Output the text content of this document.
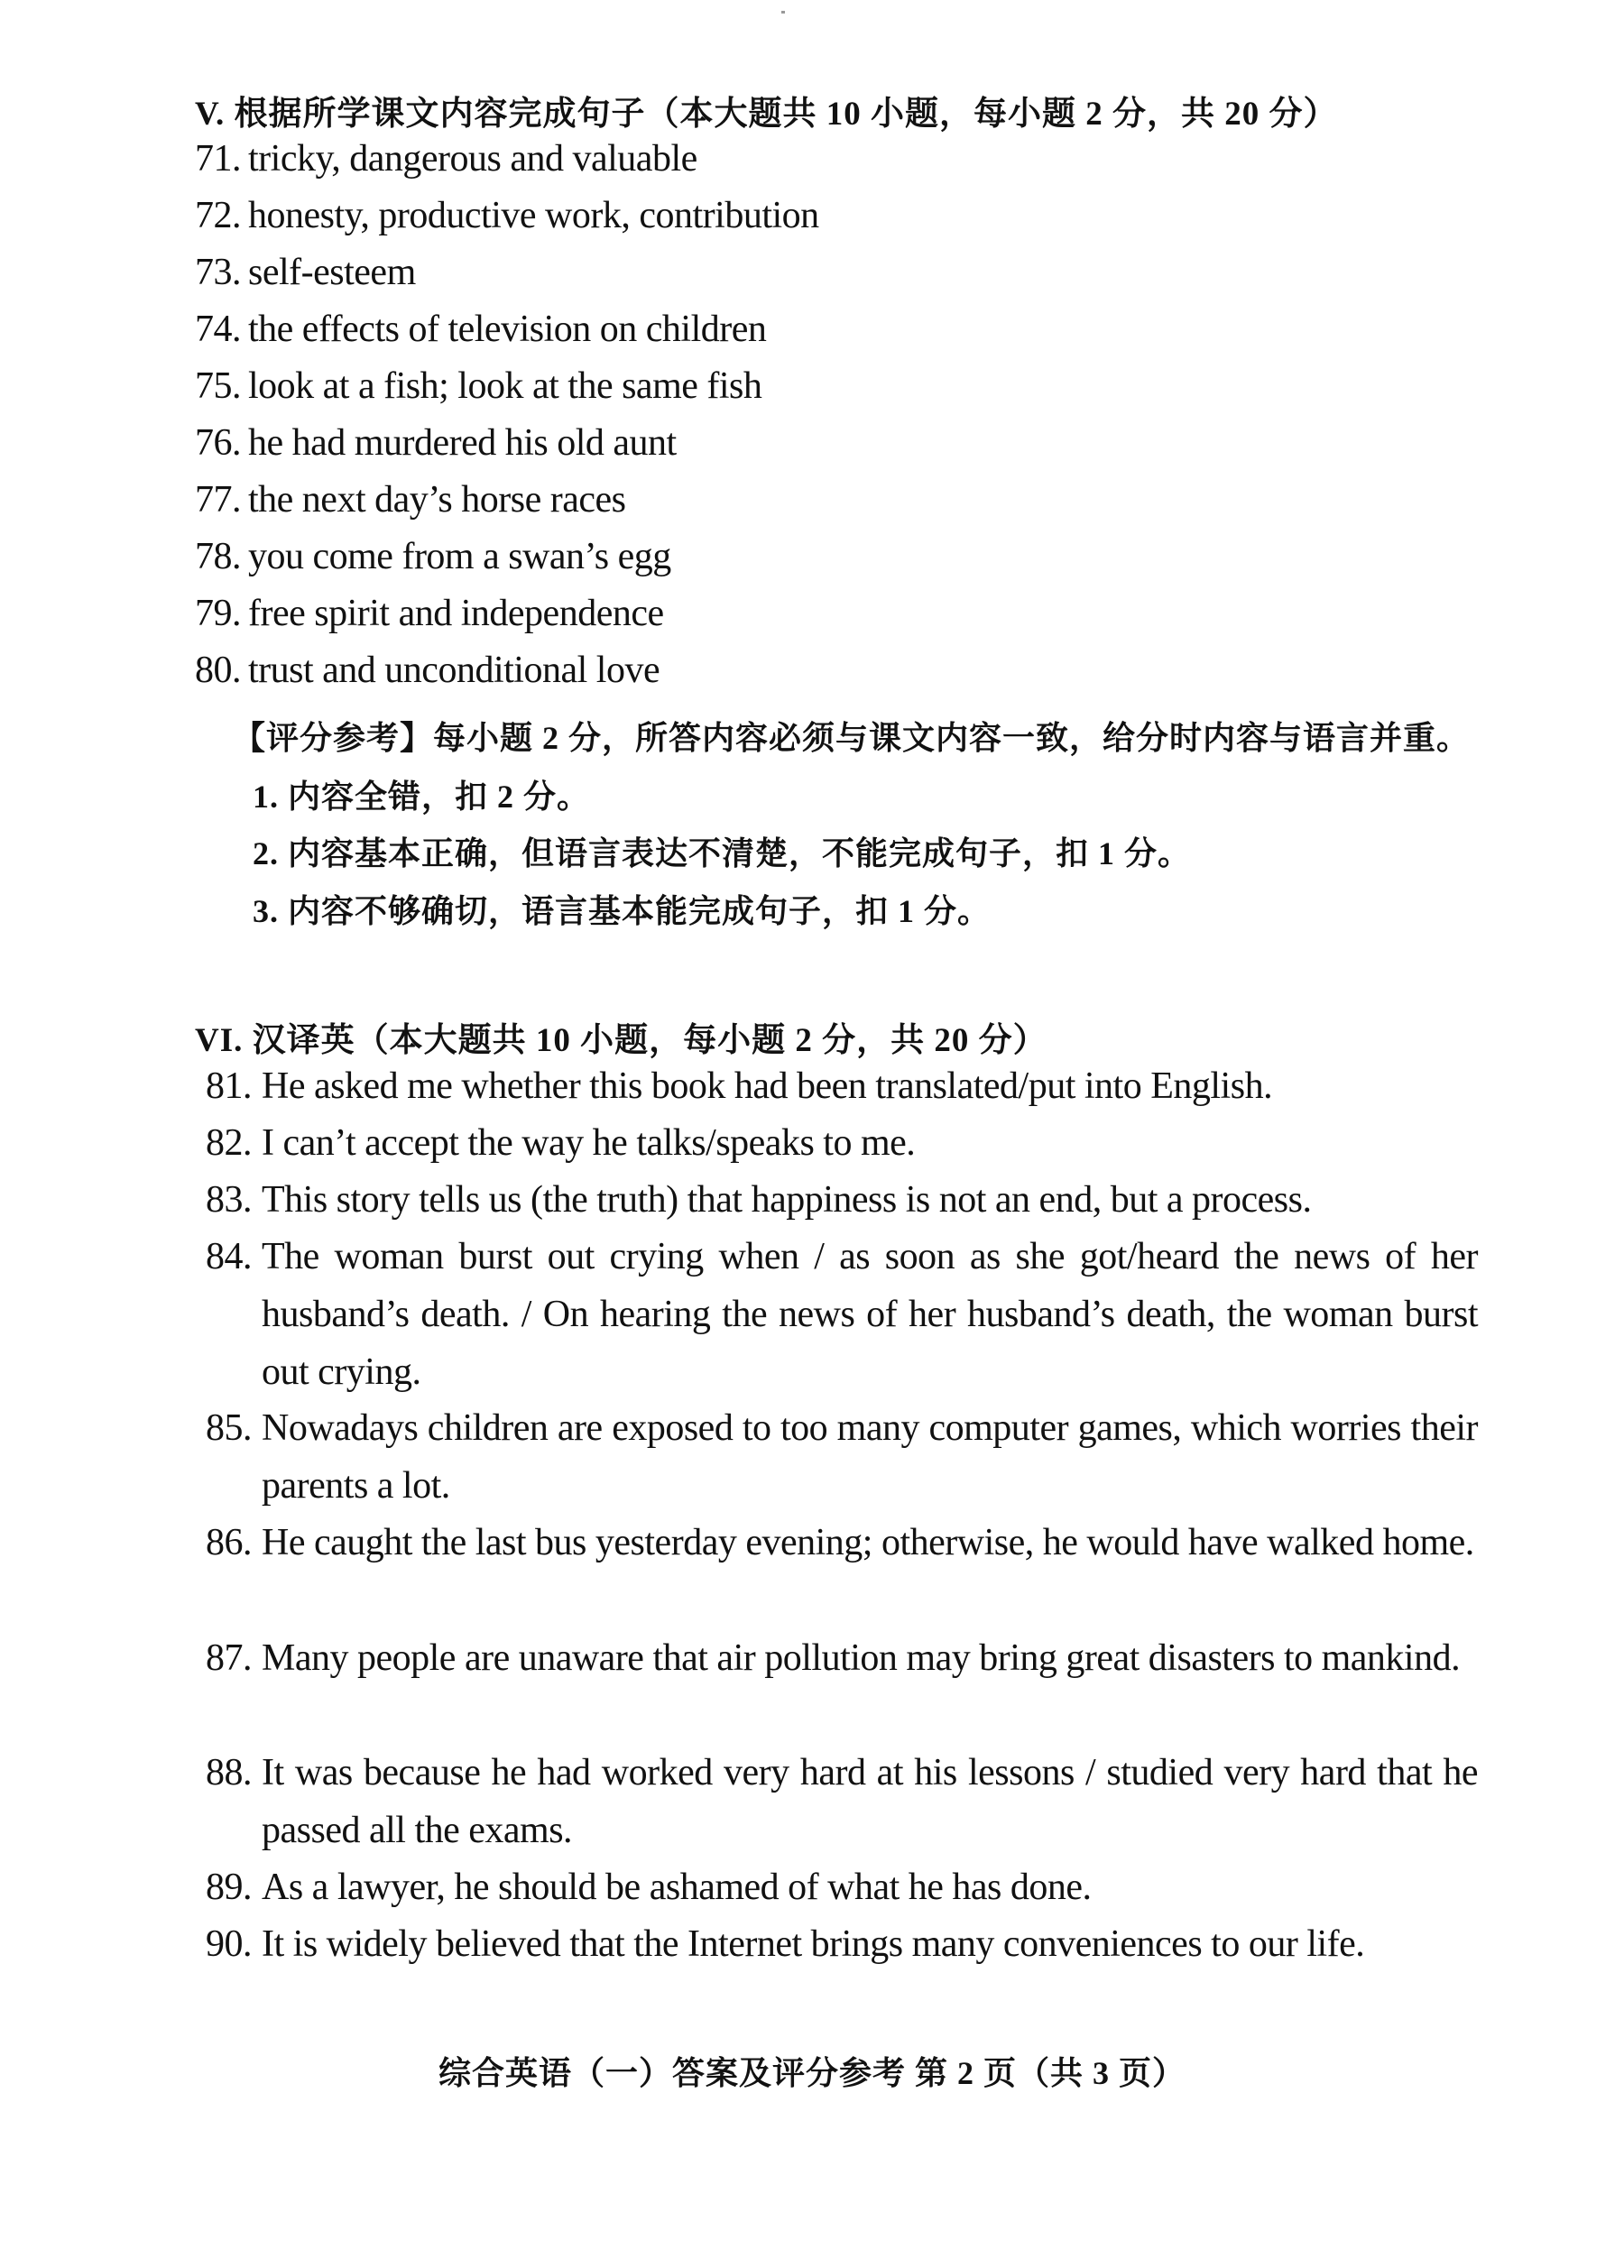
V. 根据所学课文内容完成句子（本大题共 10 小题，每小题 2 分，共 20 分）
71. tricky, dangerous and valuable
72. honesty, productive work, contribution
73. self-esteem
74. the effects of television on children
75. look at a fish; look at the same fish
76. he had murdered his old aunt
77. the next day’s horse races
78. you come from a swan’s egg
79. free spirit and independence
80. trust and unconditional love
【评分参考】每小题 2 分，所答内容必须与课文内容一致，给分时内容与语言并重。
1. 内容全错，扣 2 分。
2. 内容基本正确，但语言表达不清楚，不能完成句子，扣 1 分。
3. 内容不够确切，语言基本能完成句子，扣 1 分。
VI. 汉译英（本大题共 10 小题，每小题 2 分，共 20 分）
81. He asked me whether this book had been translated/put into English.
82. I can’t accept the way he talks/speaks to me.
83. This story tells us (the truth) that happiness is not an end, but a process.
84. The woman burst out crying when / as soon as she got/heard the news of her husband’s death. / On hearing the news of her husband’s death, the woman burst out crying.
85. Nowadays children are exposed to too many computer games, which worries their parents a lot.
86. He caught the last bus yesterday evening; otherwise, he would have walked home.
87. Many people are unaware that air pollution may bring great disasters to mankind.
88. It was because he had worked very hard at his lessons / studied very hard that he passed all the exams.
89. As a lawyer, he should be ashamed of what he has done.
90. It is widely believed that the Internet brings many conveniences to our life.
综合英语（一）答案及评分参考 第 2 页（共 3 页）
